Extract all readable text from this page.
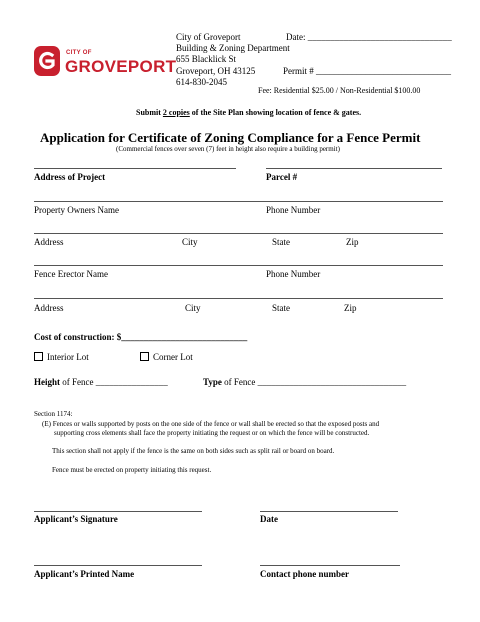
CITY OF
GROVEPORT
City of Groveport
Building & Zoning Department
655 Blacklick St
Groveport, OH 43125
614-830-2045
Date: ________________________________
Permit # ______________________________
Fee: Residential $25.00 / Non-Residential $100.00
Submit 2 copies of the Site Plan showing location of fence & gates.
Application for Certificate of Zoning Compliance for a Fence Permit
(Commercial fences over seven (7) feet in height also require a building permit)
Address of Project	Parcel #
Property Owners Name	Phone Number
Address	City	State	Zip
Fence Erector Name	Phone Number
Address	City	State	Zip
Cost of construction: $____________________________
Interior Lot	Corner Lot
Height of Fence ________________	Type of Fence _________________________________
Section 1174:
(E) Fences or walls supported by posts on the one side of the fence or wall shall be erected so that the exposed posts and
supporting cross elements shall face the property initiating the request or on which the fence will be constructed.
This section shall not apply if the fence is the same on both sides such as split rail or board on board.
Fence must be erected on property initiating this request.
Applicant’s Signature	Date
Applicant’s Printed Name	Contact phone number
